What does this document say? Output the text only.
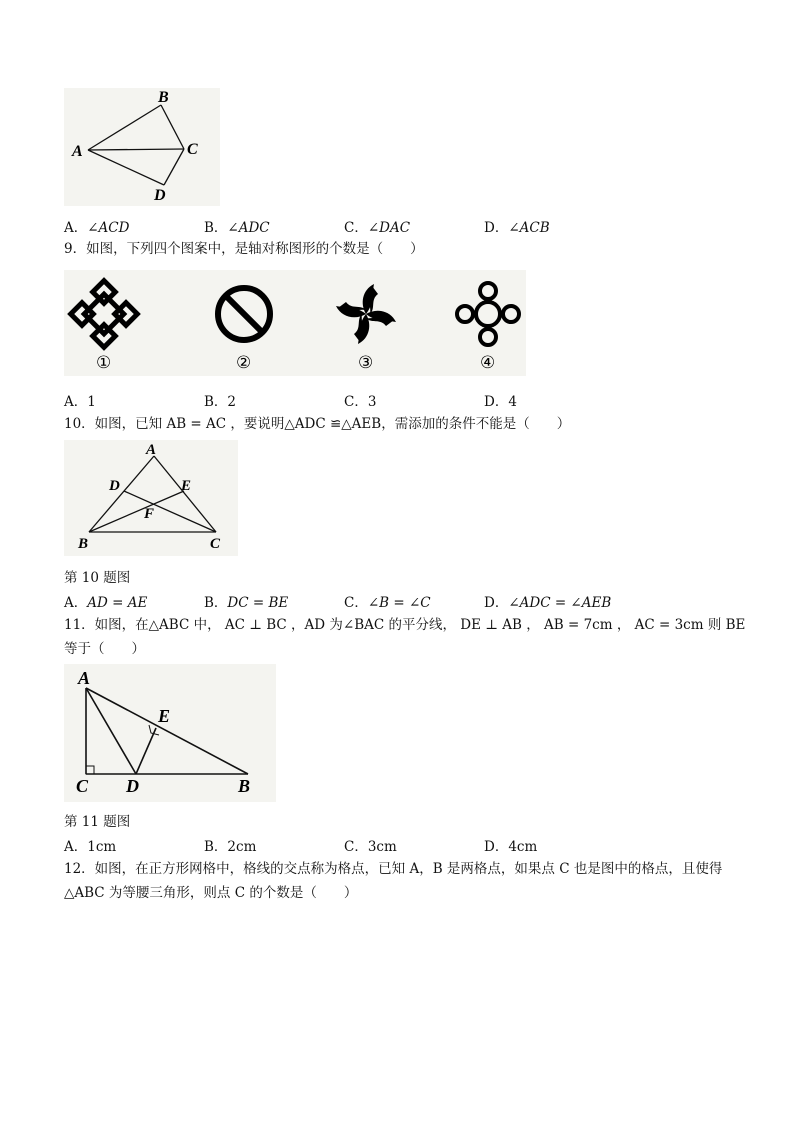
A
B
C
D
A．∠ACD	B．∠ADC	C．∠DAC	D．∠ACB
9．如图，下列四个图案中，是轴对称图形的个数是（　　）
①	②	③	④
A．1	B．2	C．3	D．4
10．如图，已知 AB = AC ，要说明△ADC ≌△AEB，需添加的条件不能是（　　）
A
D	E
F
B	C
第 10 题图
A．AD = AE	B．DC = BE	C．∠B = ∠C	D．∠ADC = ∠AEB
11．如图，在△ABC 中， AC ⊥ BC ，AD 为∠BAC 的平分线， DE ⊥ AB ， AB = 7cm ， AC = 3cm 则 BE
等于（　　）
A
E
C D	B
第 11 题图
A．1cm	B．2cm	C．3cm	D．4cm
12．如图，在正方形网格中，格线的交点称为格点，已知 A，B 是两格点，如果点 C 也是图中的格点，且使得
△ABC 为等腰三角形，则点 C 的个数是（　　）
